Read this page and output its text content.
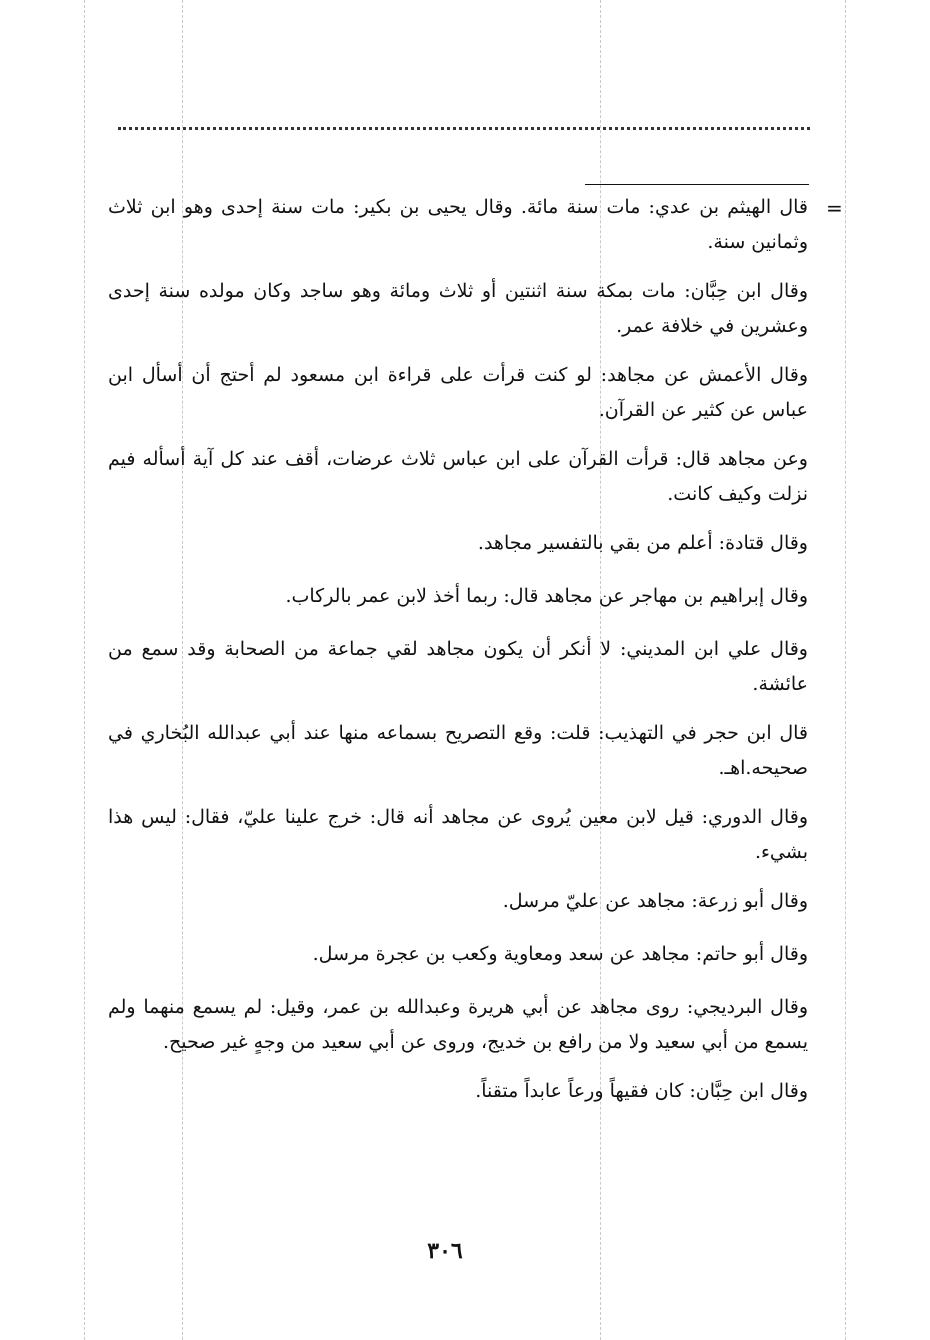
=

قال الهيثم بن عدي: مات سنة مائة. وقال يحيى بن بكير: مات سنة إحدى وهو ابن ثلاث وثمانين سنة.

وقال ابن حِبَّان: مات بمكة سنة اثنتين أو ثلاث ومائة وهو ساجد وكان مولده سنة إحدى وعشرين في خلافة عمر.

وقال الأعمش عن مجاهد: لو كنت قرأت على قراءة ابن مسعود لم أحتج أن أسأل ابن عباس عن كثير عن القرآن.

وعن مجاهد قال: قرأت القرآن على ابن عباس ثلاث عرضات، أقف عند كل آية أسأله فيم نزلت وكيف كانت.

وقال قتادة: أعلم من بقي بالتفسير مجاهد.

وقال إبراهيم بن مهاجر عن مجاهد قال: ربما أخذ لابن عمر بالركاب.

وقال علي ابن المديني: لا أنكر أن يكون مجاهد لقي جماعة من الصحابة وقد سمع من عائشة.

قال ابن حجر في التهذيب: قلت: وقع التصريح بسماعه منها عند أبي عبدالله البُخاري في صحيحه.اهـ.

وقال الدوري: قيل لابن معين يُروى عن مجاهد أنه قال: خرج علينا عليّ، فقال: ليس هذا بشيء.

وقال أبو زرعة: مجاهد عن عليّ مرسل.

وقال أبو حاتم: مجاهد عن سعد ومعاوية وكعب بن عجرة مرسل.

وقال البرديجي: روى مجاهد عن أبي هريرة وعبدالله بن عمر، وقيل: لم يسمع منهما ولم يسمع من أبي سعيد ولا من رافع بن خديج، وروى عن أبي سعيد من وجهٍ غير صحيح.

وقال ابن حِبَّان: كان فقيهاً ورعاً عابداً متقناً.

٣٠٦
